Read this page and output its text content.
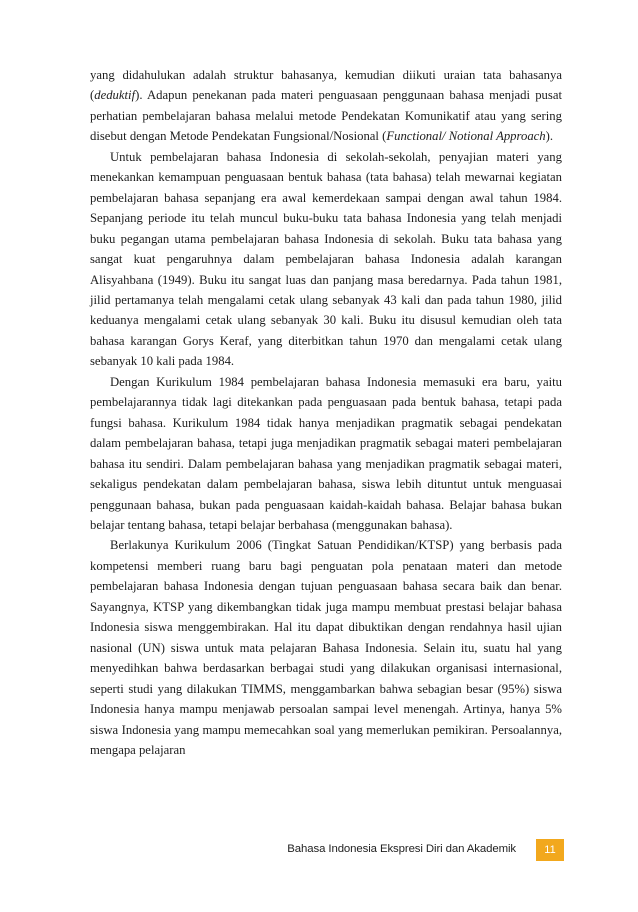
yang didahulukan adalah struktur bahasanya, kemudian diikuti uraian tata bahasanya (deduktif). Adapun penekanan pada materi penguasaan penggunaan bahasa menjadi pusat perhatian pembelajaran bahasa melalui metode Pendekatan Komunikatif atau yang sering disebut dengan Metode Pendekatan Fungsional/Nosional (Functional/ Notional Approach).

Untuk pembelajaran bahasa Indonesia di sekolah-sekolah, penyajian materi yang menekankan kemampuan penguasaan bentuk bahasa (tata bahasa) telah mewarnai kegiatan pembelajaran bahasa sepanjang era awal kemerdekaan sampai dengan awal tahun 1984. Sepanjang periode itu telah muncul buku-buku tata bahasa Indonesia yang telah menjadi buku pegangan utama pembelajaran bahasa Indonesia di sekolah. Buku tata bahasa yang sangat kuat pengaruhnya dalam pembelajaran bahasa Indonesia adalah karangan Alisyahbana (1949). Buku itu sangat luas dan panjang masa beredarnya. Pada tahun 1981, jilid pertamanya telah mengalami cetak ulang sebanyak 43 kali dan pada tahun 1980, jilid keduanya mengalami cetak ulang sebanyak 30 kali. Buku itu disusul kemudian oleh tata bahasa karangan Gorys Keraf, yang diterbitkan tahun 1970 dan mengalami cetak ulang sebanyak 10 kali pada 1984.

Dengan Kurikulum 1984 pembelajaran bahasa Indonesia memasuki era baru, yaitu pembelajarannya tidak lagi ditekankan pada penguasaan pada bentuk bahasa, tetapi pada fungsi bahasa. Kurikulum 1984 tidak hanya menjadikan pragmatik sebagai pendekatan dalam pembelajaran bahasa, tetapi juga menjadikan pragmatik sebagai materi pembelajaran bahasa itu sendiri. Dalam pembelajaran bahasa yang menjadikan pragmatik sebagai materi, sekaligus pendekatan dalam pembelajaran bahasa, siswa lebih dituntut untuk menguasai penggunaan bahasa, bukan pada penguasaan kaidah-kaidah bahasa. Belajar bahasa bukan belajar tentang bahasa, tetapi belajar berbahasa (menggunakan bahasa).

Berlakunya Kurikulum 2006 (Tingkat Satuan Pendidikan/KTSP) yang berbasis pada kompetensi memberi ruang baru bagi penguatan pola penataan materi dan metode pembelajaran bahasa Indonesia dengan tujuan penguasaan bahasa secara baik dan benar. Sayangnya, KTSP yang dikembangkan tidak juga mampu membuat prestasi belajar bahasa Indonesia siswa menggembirakan. Hal itu dapat dibuktikan dengan rendahnya hasil ujian nasional (UN) siswa untuk mata pelajaran Bahasa Indonesia. Selain itu, suatu hal yang menyedihkan bahwa berdasarkan berbagai studi yang dilakukan organisasi internasional, seperti studi yang dilakukan TIMMS, menggambarkan bahwa sebagian besar (95%) siswa Indonesia hanya mampu menjawab persoalan sampai level menengah. Artinya, hanya 5% siswa Indonesia yang mampu memecahkan soal yang memerlukan pemikiran. Persoalannya, mengapa pelajaran

Bahasa Indonesia Ekspresi Diri dan Akademik	11
